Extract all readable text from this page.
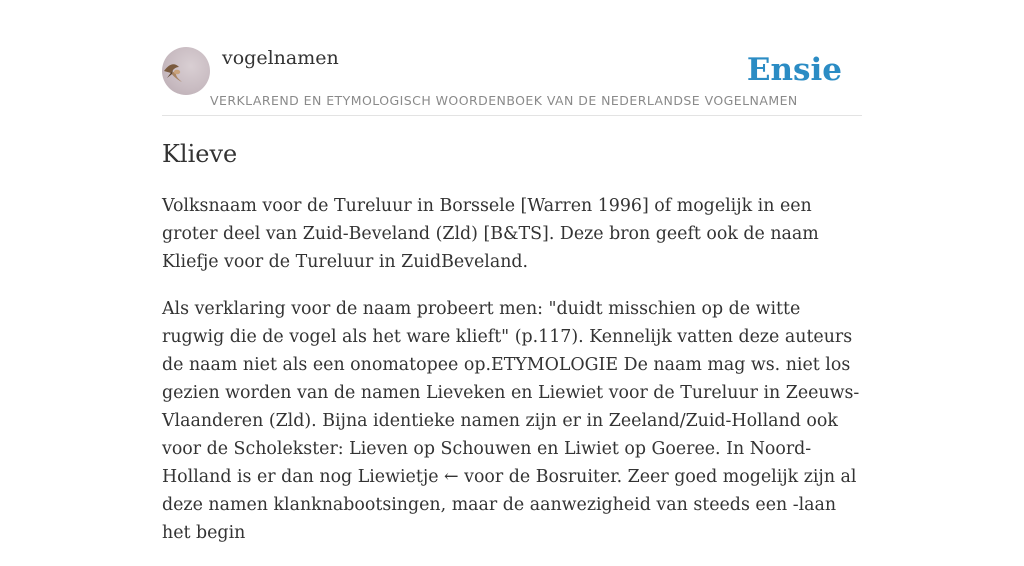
vogelnamen
VERKLAREND EN ETYMOLOGISCH WOORDENBOEK VAN DE NEDERLANDSE VOGELNAMEN
Ensie
Klieve

Volksnaam voor de Tureluur in Borssele [Warren 1996] of mogelijk in een groter deel van Zuid-Beveland (Zld) [B&TS]. Deze bron geeft ook de naam Kliefje voor de Tureluur in ZuidBeveland.

Als verklaring voor de naam probeert men: "duidt misschien op de witte rugwig die de vogel als het ware klieft" (p.117). Kennelijk vatten deze auteurs de naam niet als een onomatopee op.ETYMOLOGIE De naam mag ws. niet los gezien worden van de namen Lieveken en Liewiet voor de Tureluur in Zeeuws-Vlaanderen (Zld). Bijna identieke namen zijn er in Zeeland/Zuid-Holland ook voor de Scholekster: Lieven op Schouwen en Liwiet op Goeree. In Noord-Holland is er dan nog Liewietje ← voor de Bosruiter. Zeer goed mogelijk zijn al deze namen klanknabootsingen, maar de aanwezigheid van steeds een -laan het begin
